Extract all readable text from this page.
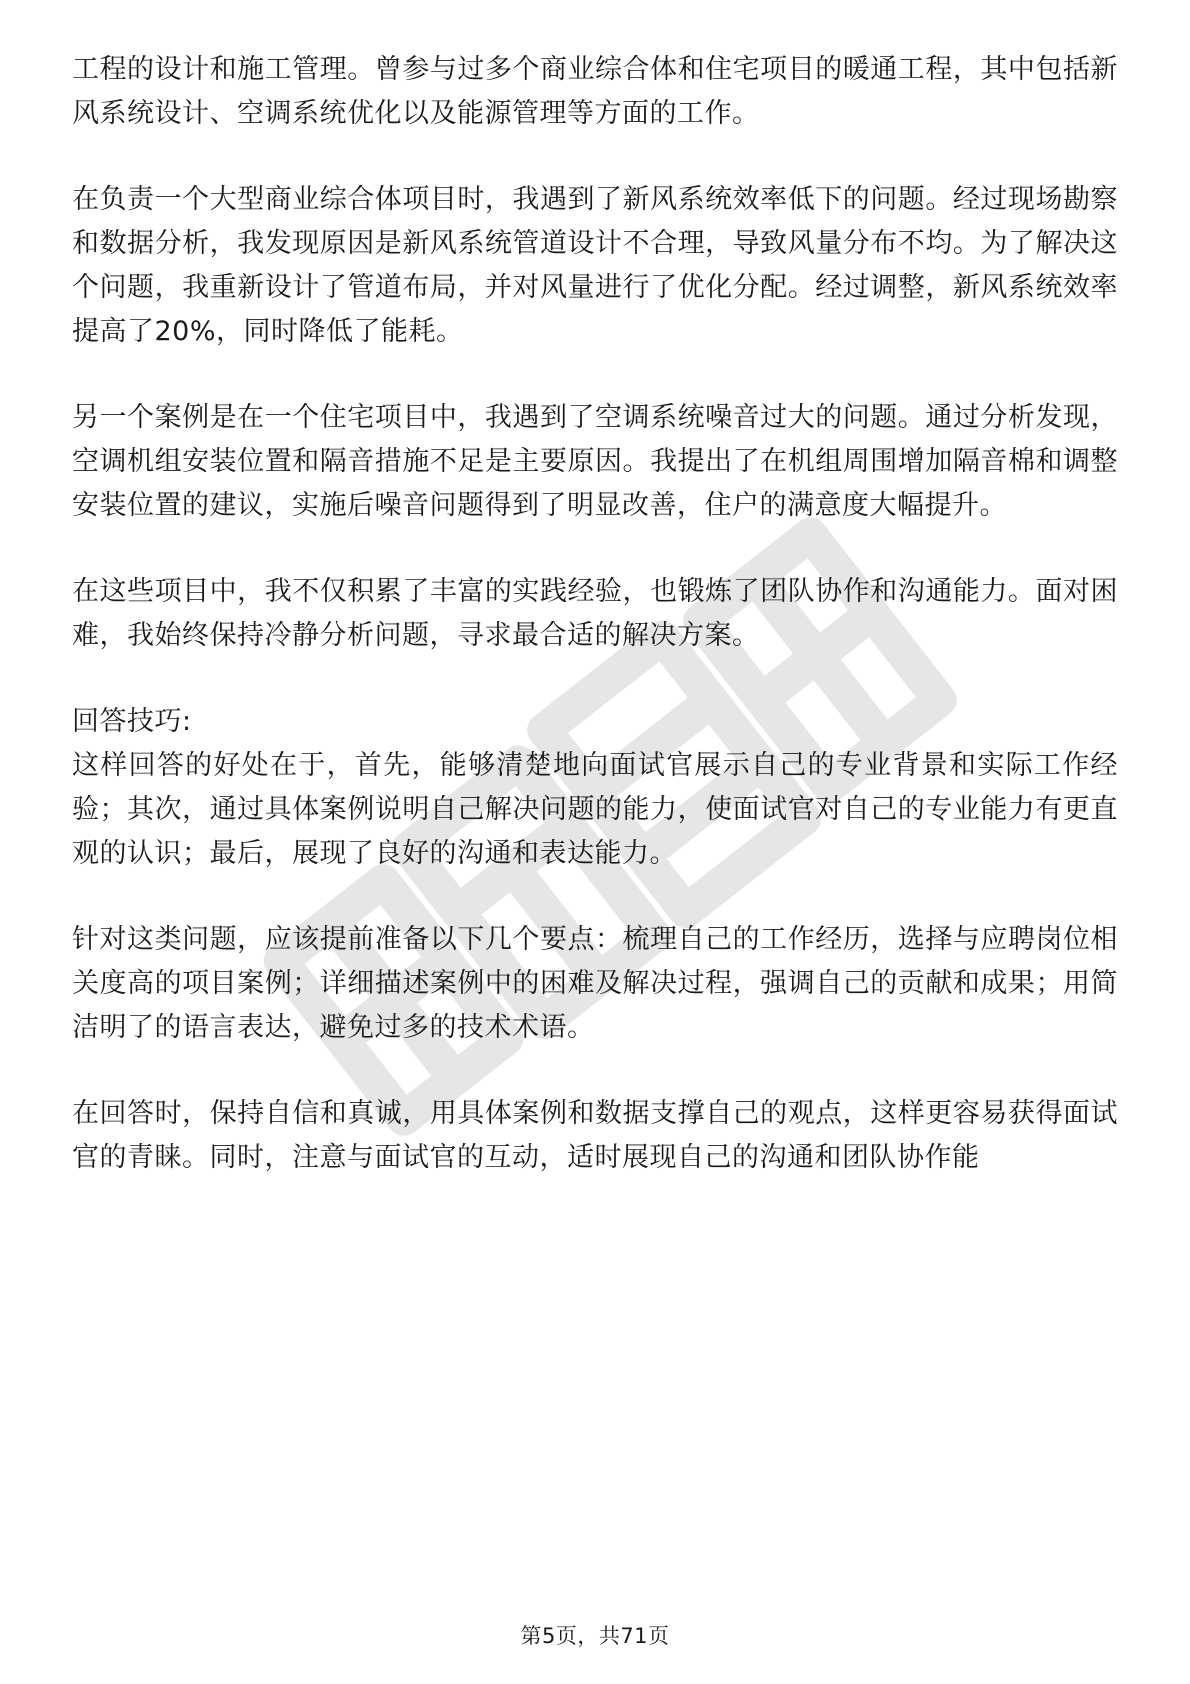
工程的设计和施工管理。曾参与过多个商业综合体和住宅项目的暖通工程，其中包括新风系统设计、空调系统优化以及能源管理等方面的工作。

在负责一个大型商业综合体项目时，我遇到了新风系统效率低下的问题。经过现场勘察和数据分析，我发现原因是新风系统管道设计不合理，导致风量分布不均。为了解决这个问题，我重新设计了管道布局，并对风量进行了优化分配。经过调整，新风系统效率提高了20%，同时降低了能耗。

另一个案例是在一个住宅项目中，我遇到了空调系统噪音过大的问题。通过分析发现，空调机组安装位置和隔音措施不足是主要原因。我提出了在机组周围增加隔音棉和调整安装位置的建议，实施后噪音问题得到了明显改善，住户的满意度大幅提升。

在这些项目中，我不仅积累了丰富的实践经验，也锻炼了团队协作和沟通能力。面对困难，我始终保持冷静分析问题，寻求最合适的解决方案。

回答技巧:

这样回答的好处在于，首先，能够清楚地向面试官展示自己的专业背景和实际工作经验；其次，通过具体案例说明自己解决问题的能力，使面试官对自己的专业能力有更直观的认识；最后，展现了良好的沟通和表达能力。

针对这类问题，应该提前准备以下几个要点：梳理自己的工作经历，选择与应聘岗位相关度高的项目案例；详细描述案例中的困难及解决过程，强调自己的贡献和成果；用简洁明了的语言表达，避免过多的技术术语。

在回答时，保持自信和真诚，用具体案例和数据支撑自己的观点，这样更容易获得面试官的青睐。同时，注意与面试官的互动，适时展现自己的沟通和团队协作能

第5页，共71页
